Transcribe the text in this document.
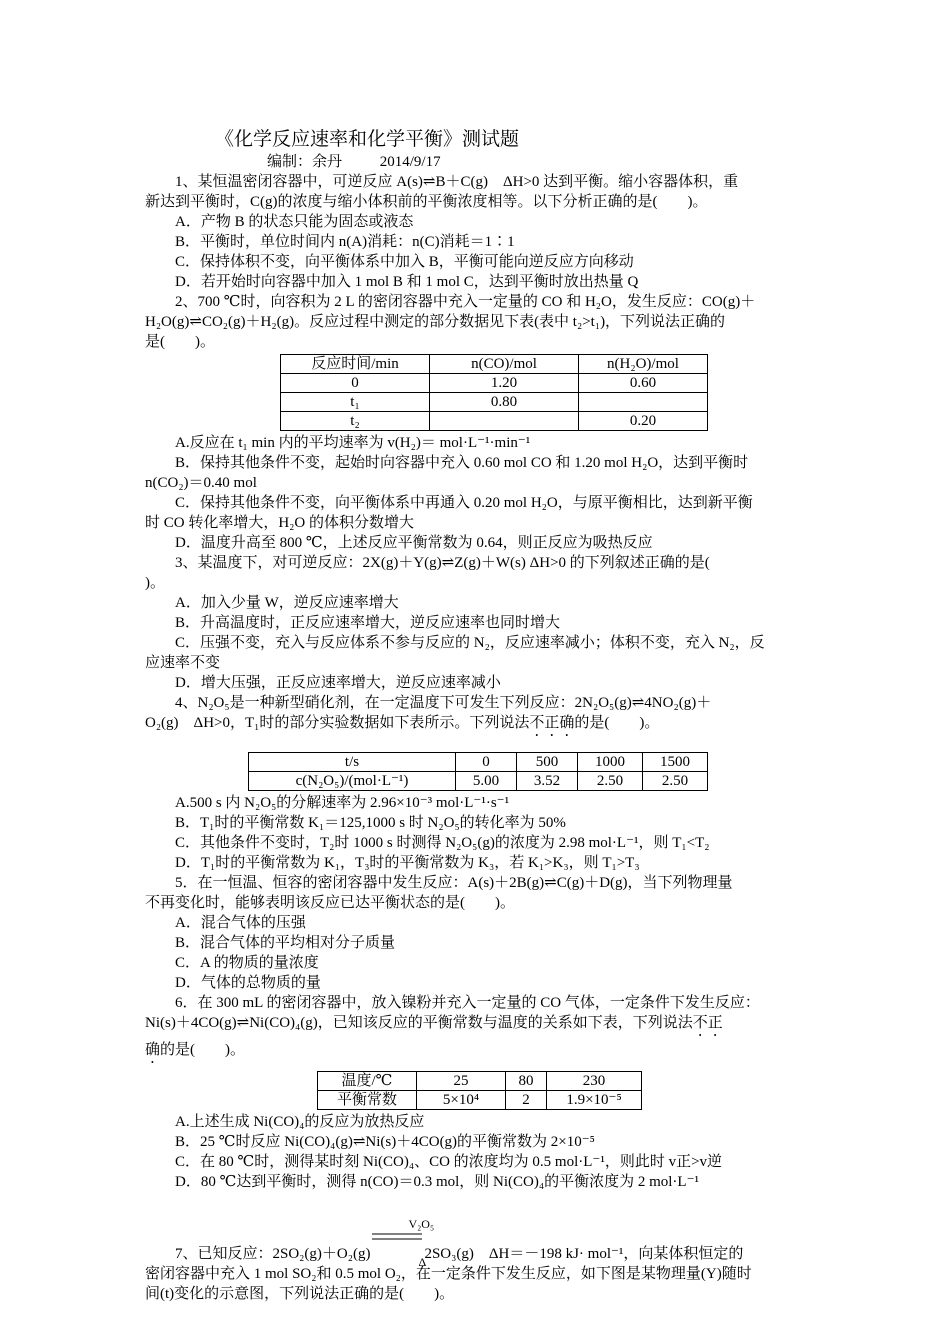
《化学反应速率和化学平衡》测试题
编制：余丹	2014/9/17

1、某恒温密闭容器中，可逆反应 A(s)⇌B＋C(g)　ΔH>0 达到平衡。缩小容器体积，重

新达到平衡时，C(g)的浓度与缩小体积前的平衡浓度相等。以下分析正确的是(　　)。

A．产物 B 的状态只能为固态或液态

B．平衡时，单位时间内 n(A)消耗：n(C)消耗＝1∶1

C．保持体积不变，向平衡体系中加入 B，平衡可能向逆反应方向移动

D．若开始时向容器中加入 1 mol B 和 1 mol C，达到平衡时放出热量 Q

2、700 ℃时，向容积为 2 L 的密闭容器中充入一定量的 CO 和 H₂O，发生反应：CO(g)＋

H₂O(g)⇌CO₂(g)＋H₂(g)。反应过程中测定的部分数据见下表(表中 t₂>t₁)，下列说法正确的

是(　　)。

反应时间/min	n(CO)/mol	n(H₂O)/mol
0	1.20	0.60
t₁	0.80	
t₂		0.20

A.反应在 t₁ min 内的平均速率为 v(H₂)＝ mol·L⁻¹·min⁻¹

B．保持其他条件不变，起始时向容器中充入 0.60 mol CO 和 1.20 mol H₂O，达到平衡时

n(CO₂)＝0.40 mol

C．保持其他条件不变，向平衡体系中再通入 0.20 mol H₂O，与原平衡相比，达到新平衡

时 CO 转化率增大，H₂O 的体积分数增大

D．温度升高至 800 ℃，上述反应平衡常数为 0.64，则正反应为吸热反应

3、某温度下，对可逆反应：2X(g)＋Y(g)⇌Z(g)＋W(s) ΔH>0 的下列叙述正确的是(

)。

A．加入少量 W，逆反应速率增大

B．升高温度时，正反应速率增大，逆反应速率也同时增大

C．压强不变，充入与反应体系不参与反应的 N₂，反应速率减小；体积不变，充入 N₂，反

应速率不变

D．增大压强，正反应速率增大，逆反应速率减小

4、N₂O₅是一种新型硝化剂，在一定温度下可发生下列反应：2N₂O₅(g)⇌4NO₂(g)＋

O₂(g)　ΔH>0，T₁时的部分实验数据如下表所示。下列说法不正确的是(　　)。

t/s	0	500	1000	1500
c(N₂O₅)/(mol·L⁻¹)	5.00	3.52	2.50	2.50

A.500 s 内 N₂O₅的分解速率为 2.96×10⁻³ mol·L⁻¹·s⁻¹

B．T₁时的平衡常数 K₁＝125,1000 s 时 N₂O₅的转化率为 50%

C．其他条件不变时，T₂时 1000 s 时测得 N₂O₅(g)的浓度为 2.98 mol·L⁻¹，则 T₁<T₂

D．T₁时的平衡常数为 K₁，T₃时的平衡常数为 K₃，若 K₁>K₃，则 T₁>T₃

5．在一恒温、恒容的密闭容器中发生反应：A(s)＋2B(g)⇌C(g)＋D(g)，当下列物理量

不再变化时，能够表明该反应已达平衡状态的是(　　)。

A．混合气体的压强

B．混合气体的平均相对分子质量

C．A 的物质的量浓度

D．气体的总物质的量

6．在 300 mL 的密闭容器中，放入镍粉并充入一定量的 CO 气体，一定条件下发生反应：

Ni(s)＋4CO(g)⇌Ni(CO)₄(g)，已知该反应的平衡常数与温度的关系如下表，下列说法不正

确的是(　　)。

温度/℃	25	80	230
平衡常数	5×10⁴	2	1.9×10⁻⁵

A.上述生成 Ni(CO)₄的反应为放热反应

B．25 ℃时反应 Ni(CO)₄(g)⇌Ni(s)＋4CO(g)的平衡常数为 2×10⁻⁵

C．在 80 ℃时，测得某时刻 Ni(CO)₄、CO 的浓度均为 0.5 mol·L⁻¹，则此时 v正>v逆

D．80 ℃达到平衡时，测得 n(CO)＝0.3 mol，则 Ni(CO)₄的平衡浓度为 2 mol·L⁻¹

7、已知反应：2SO₂(g)＋O₂(g)
V₂O₅
Δ
2SO₃(g)　ΔH＝－198 kJ· mol⁻¹，向某体积恒定的

密闭容器中充入 1 mol SO₂和 0.5 mol O₂，在一定条件下发生反应，如下图是某物理量(Y)随时

间(t)变化的示意图，下列说法正确的是(　　)。
